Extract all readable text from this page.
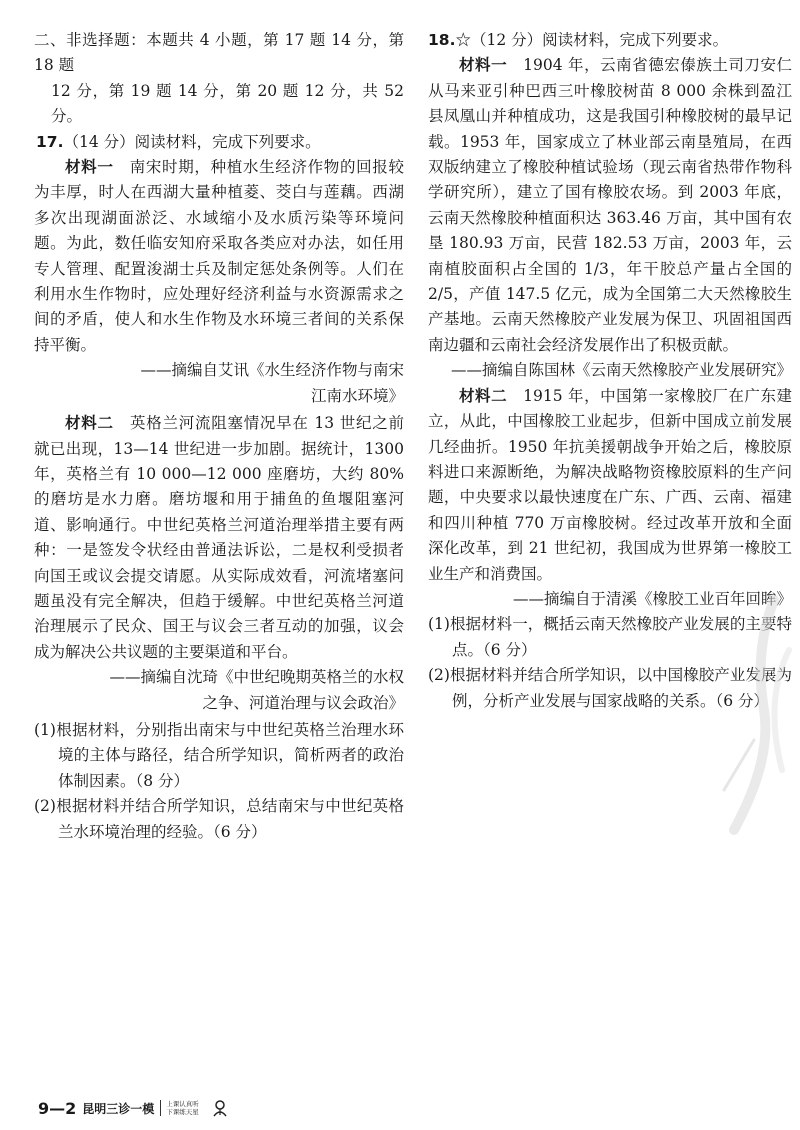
二、非选择题：本题共 4 小题，第 17 题 14 分，第 18 题

12 分，第 19 题 14 分，第 20 题 12 分，共 52 分。

17.（14 分）阅读材料，完成下列要求。

材料一　南宋时期，种植水生经济作物的回报较为丰厚，时人在西湖大量种植菱、茭白与莲藕。西湖多次出现湖面淤泛、水域缩小及水质污染等环境问题。为此，数任临安知府采取各类应对办法，如任用专人管理、配置浚湖士兵及制定惩处条例等。人们在利用水生作物时，应处理好经济利益与水资源需求之间的矛盾，使人和水生作物及水环境三者间的关系保持平衡。

——摘编自艾讯《水生经济作物与南宋

江南水环境》

材料二　英格兰河流阻塞情况早在 13 世纪之前就已出现，13—14 世纪进一步加剧。据统计，1300 年，英格兰有 10 000—12 000 座磨坊，大约 80% 的磨坊是水力磨。磨坊堰和用于捕鱼的鱼堰阻塞河道、影响通行。中世纪英格兰河道治理举措主要有两种：一是签发令状经由普通法诉讼，二是权利受损者向国王或议会提交请愿。从实际成效看，河流堵塞问题虽没有完全解决，但趋于缓解。中世纪英格兰河道治理展示了民众、国王与议会三者互动的加强，议会成为解决公共议题的主要渠道和平台。

——摘编自沈琦《中世纪晚期英格兰的水权

之争、河道治理与议会政治》

(1)根据材料，分别指出南宋与中世纪英格兰治理水环境的主体与路径，结合所学知识，简析两者的政治体制因素。（8 分）

(2)根据材料并结合所学知识，总结南宋与中世纪英格兰水环境治理的经验。（6 分）

18.☆（12 分）阅读材料，完成下列要求。

材料一　1904 年，云南省德宏傣族土司刀安仁从马来亚引种巴西三叶橡胶树苗 8 000 余株到盈江县凤凰山并种植成功，这是我国引种橡胶树的最早记载。1953 年，国家成立了林业部云南垦殖局，在西双版纳建立了橡胶种植试验场（现云南省热带作物科学研究所），建立了国有橡胶农场。到 2003 年底，云南天然橡胶种植面积达 363.46 万亩，其中国有农垦 180.93 万亩，民营 182.53 万亩，2003 年，云南植胶面积占全国的 1/3，年干胶总产量占全国的 2/5，产值 147.5 亿元，成为全国第二大天然橡胶生产基地。云南天然橡胶产业发展为保卫、巩固祖国西南边疆和云南社会经济发展作出了积极贡献。

——摘编自陈国林《云南天然橡胶产业发展研究》

材料二　1915 年，中国第一家橡胶厂在广东建立，从此，中国橡胶工业起步，但新中国成立前发展几经曲折。1950 年抗美援朝战争开始之后，橡胶原料进口来源断绝，为解决战略物资橡胶原料的生产问题，中央要求以最快速度在广东、广西、云南、福建和四川种植 770 万亩橡胶树。经过改革开放和全面深化改革，到 21 世纪初，我国成为世界第一橡胶工业生产和消费国。

——摘编自于清溪《橡胶工业百年回眸》

(1)根据材料一，概括云南天然橡胶产业发展的主要特点。（6 分）

(2)根据材料并结合所学知识，以中国橡胶产业发展为例，分析产业发展与国家战略的关系。（6 分）

9—2 昆明三诊一模 上课认真听
下课练天星
